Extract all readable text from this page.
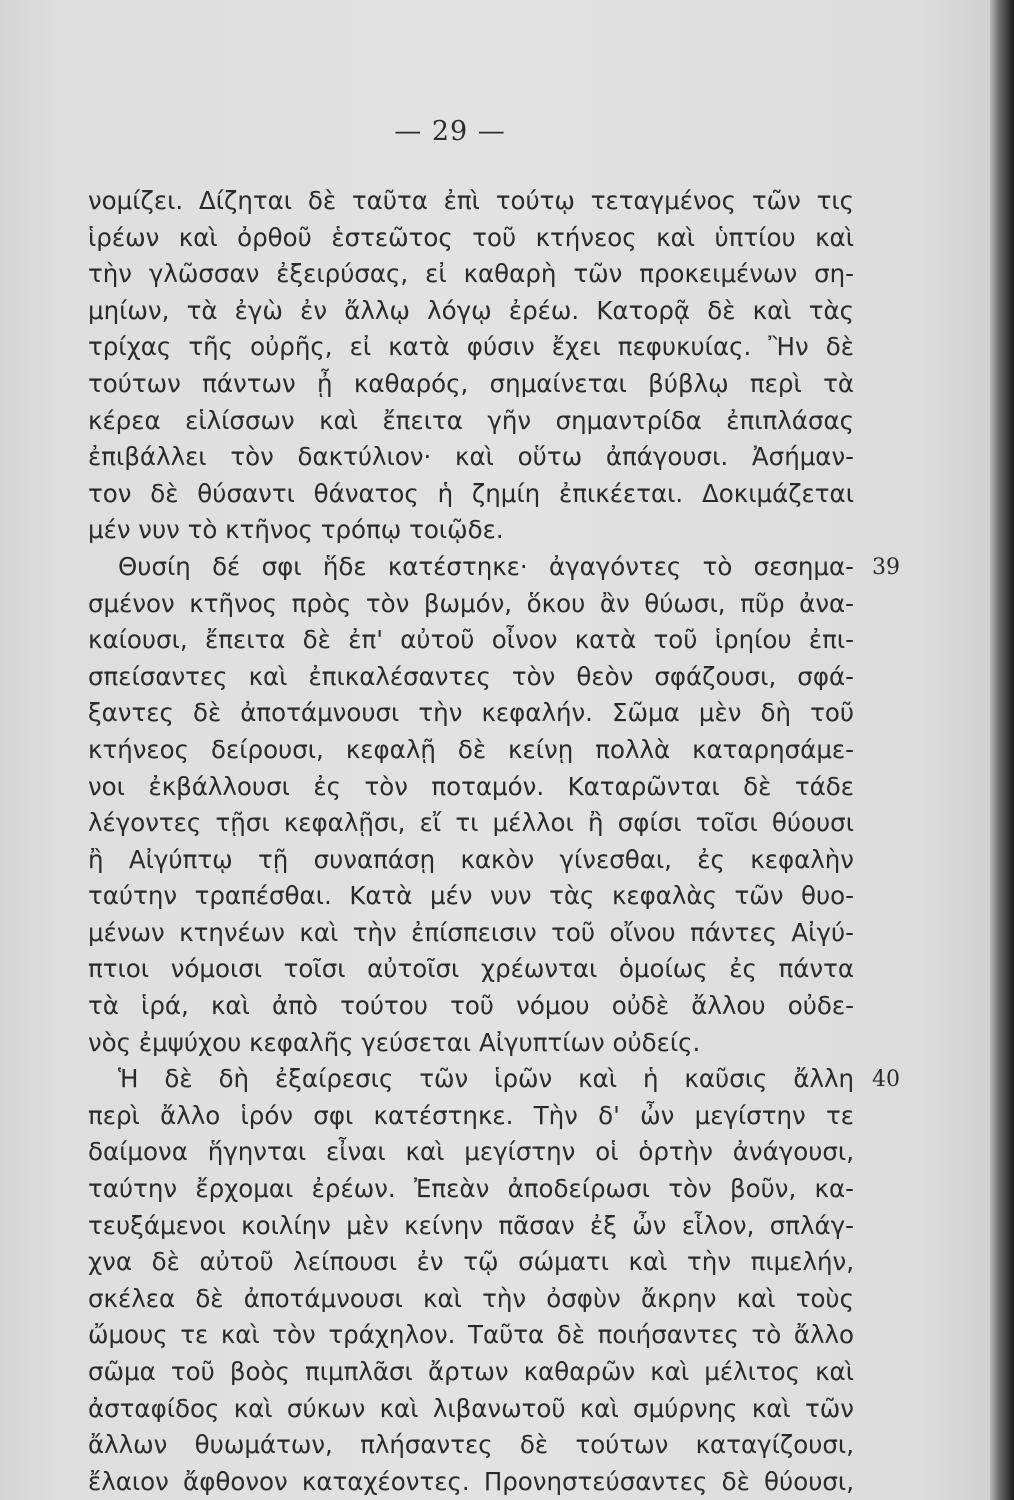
— 29 —
νομίζει. Δίζηται δὲ ταῦτα ἐπὶ τούτῳ τεταγμένος τῶν τις
ἱρέων καὶ ὀρθοῦ ἑστεῶτος τοῦ κτήνεος καὶ ὑπτίου καὶ
τὴν γλῶσσαν ἐξειρύσας, εἰ καθαρὴ τῶν προκειμένων ση-
μηίων, τὰ ἐγὼ ἐν ἄλλῳ λόγῳ ἐρέω. Κατορᾷ δὲ καὶ τὰς
τρίχας τῆς οὐρῆς, εἰ κατὰ φύσιν ἔχει πεφυκυίας. Ἢν δὲ
τούτων πάντων ᾖ καθαρός, σημαίνεται βύβλῳ περὶ τὰ
κέρεα εἱλίσσων καὶ ἔπειτα γῆν σημαντρίδα ἐπιπλάσας
ἐπιβάλλει τὸν δακτύλιον· καὶ οὕτω ἀπάγουσι. Ἀσήμαν-
τον δὲ θύσαντι θάνατος ἡ ζημίη ἐπικέεται. Δοκιμάζεται
μέν νυν τὸ κτῆνος τρόπῳ τοιῷδε.
Θυσίη δέ σφι ἥδε κατέστηκε· ἀγαγόντες τὸ σεσημα-
σμένον κτῆνος πρὸς τὸν βωμόν, ὅκου ἂν θύωσι, πῦρ ἀνα-
καίουσι, ἔπειτα δὲ ἐπ' αὐτοῦ οἶνον κατὰ τοῦ ἱρηίου ἐπι-
σπείσαντες καὶ ἐπικαλέσαντες τὸν θεὸν σφάζουσι, σφά-
ξαντες δὲ ἀποτάμνουσι τὴν κεφαλήν. Σῶμα μὲν δὴ τοῦ
κτήνεος δείρουσι, κεφαλῇ δὲ κείνῃ πολλὰ καταρησάμε-
νοι ἐκβάλλουσι ἐς τὸν ποταμόν. Καταρῶνται δὲ τάδε
λέγοντες τῇσι κεφαλῇσι, εἴ τι μέλλοι ἢ σφίσι τοῖσι θύουσι
ἢ Αἰγύπτῳ τῇ συναπάσῃ κακὸν γίνεσθαι, ἐς κεφαλὴν
ταύτην τραπέσθαι. Κατὰ μέν νυν τὰς κεφαλὰς τῶν θυο-
μένων κτηνέων καὶ τὴν ἐπίσπεισιν τοῦ οἴνου πάντες Αἰγύ-
πτιοι νόμοισι τοῖσι αὐτοῖσι χρέωνται ὁμοίως ἐς πάντα
τὰ ἱρά, καὶ ἀπὸ τούτου τοῦ νόμου οὐδὲ ἄλλου οὐδε-
νὸς ἐμψύχου κεφαλῆς γεύσεται Αἰγυπτίων οὐδείς.
Ἡ δὲ δὴ ἐξαίρεσις τῶν ἱρῶν καὶ ἡ καῦσις ἄλλη
περὶ ἄλλο ἱρόν σφι κατέστηκε. Τὴν δ' ὦν μεγίστην τε
δαίμονα ἥγηνται εἶναι καὶ μεγίστην οἱ ὁρτὴν ἀνάγουσι,
ταύτην ἔρχομαι ἐρέων. Ἐπεὰν ἀποδείρωσι τὸν βοῦν, κα-
τευξάμενοι κοιλίην μὲν κείνην πᾶσαν ἐξ ὦν εἷλον, σπλάγ-
χνα δὲ αὐτοῦ λείπουσι ἐν τῷ σώματι καὶ τὴν πιμελήν,
σκέλεα δὲ ἀποτάμνουσι καὶ τὴν ὀσφὺν ἄκρην καὶ τοὺς
ὤμους τε καὶ τὸν τράχηλον. Ταῦτα δὲ ποιήσαντες τὸ ἄλλο
σῶμα τοῦ βοὸς πιμπλᾶσι ἄρτων καθαρῶν καὶ μέλιτος καὶ
ἀσταφίδος καὶ σύκων καὶ λιβανωτοῦ καὶ σμύρνης καὶ τῶν
ἄλλων θυωμάτων, πλήσαντες δὲ τούτων καταγίζουσι,
ἔλαιον ἄφθονον καταχέοντες. Προνηστεύσαντες δὲ θύουσι,
39
40
